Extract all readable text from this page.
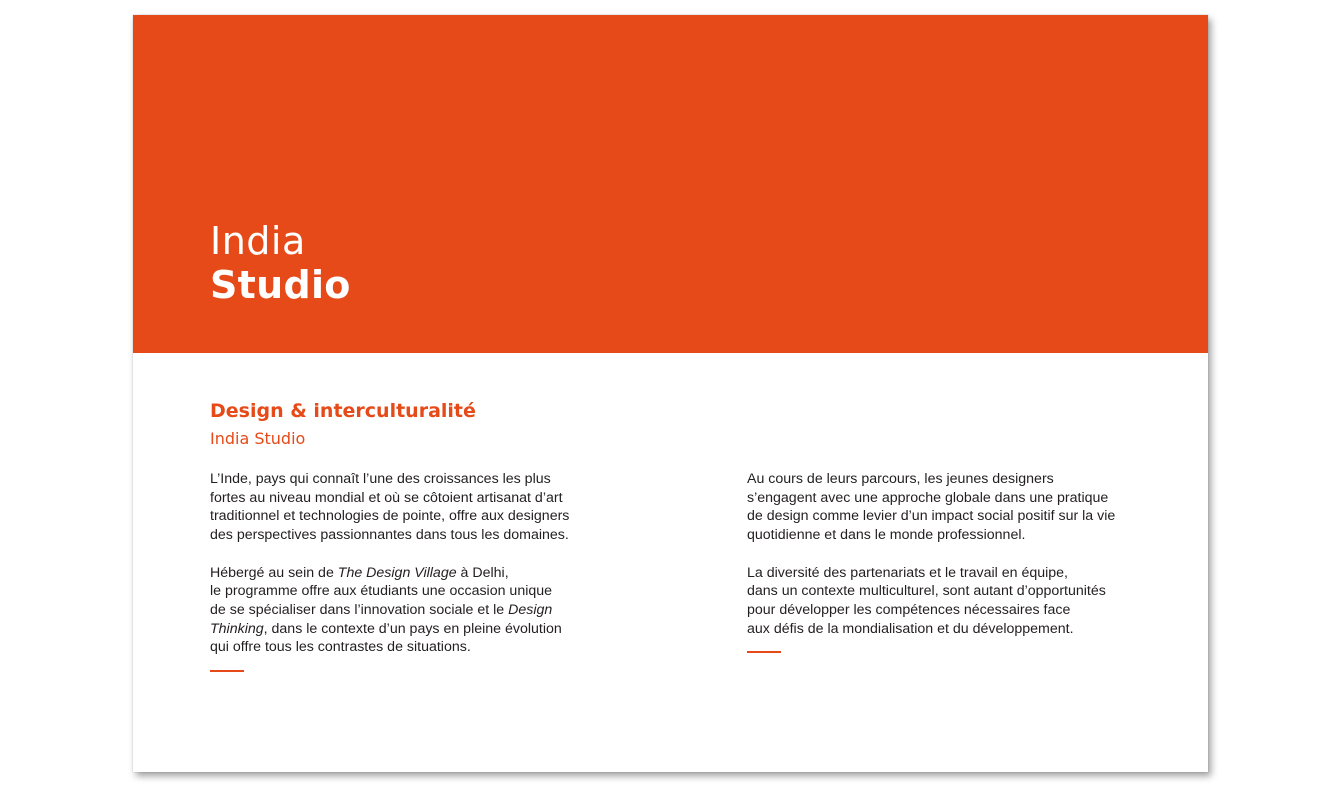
India
Studio
Design & interculturalité
India Studio
L’Inde, pays qui connaît l’une des croissances les plus
fortes au niveau mondial et où se côtoient artisanat d’art
traditionnel et technologies de pointe, offre aux designers
des perspectives passionnantes dans tous les domaines.
Hébergé au sein de The Design Village à Delhi,
le programme offre aux étudiants une occasion unique
de se spécialiser dans l’innovation sociale et le Design
Thinking, dans le contexte d’un pays en pleine évolution
qui offre tous les contrastes de situations.
Au cours de leurs parcours, les jeunes designers
s’engagent avec une approche globale dans une pratique
de design comme levier d’un impact social positif sur la vie
quotidienne et dans le monde professionnel.
La diversité des partenariats et le travail en équipe,
dans un contexte multiculturel, sont autant d’opportunités
pour développer les compétences nécessaires face
aux défis de la mondialisation et du développement.
